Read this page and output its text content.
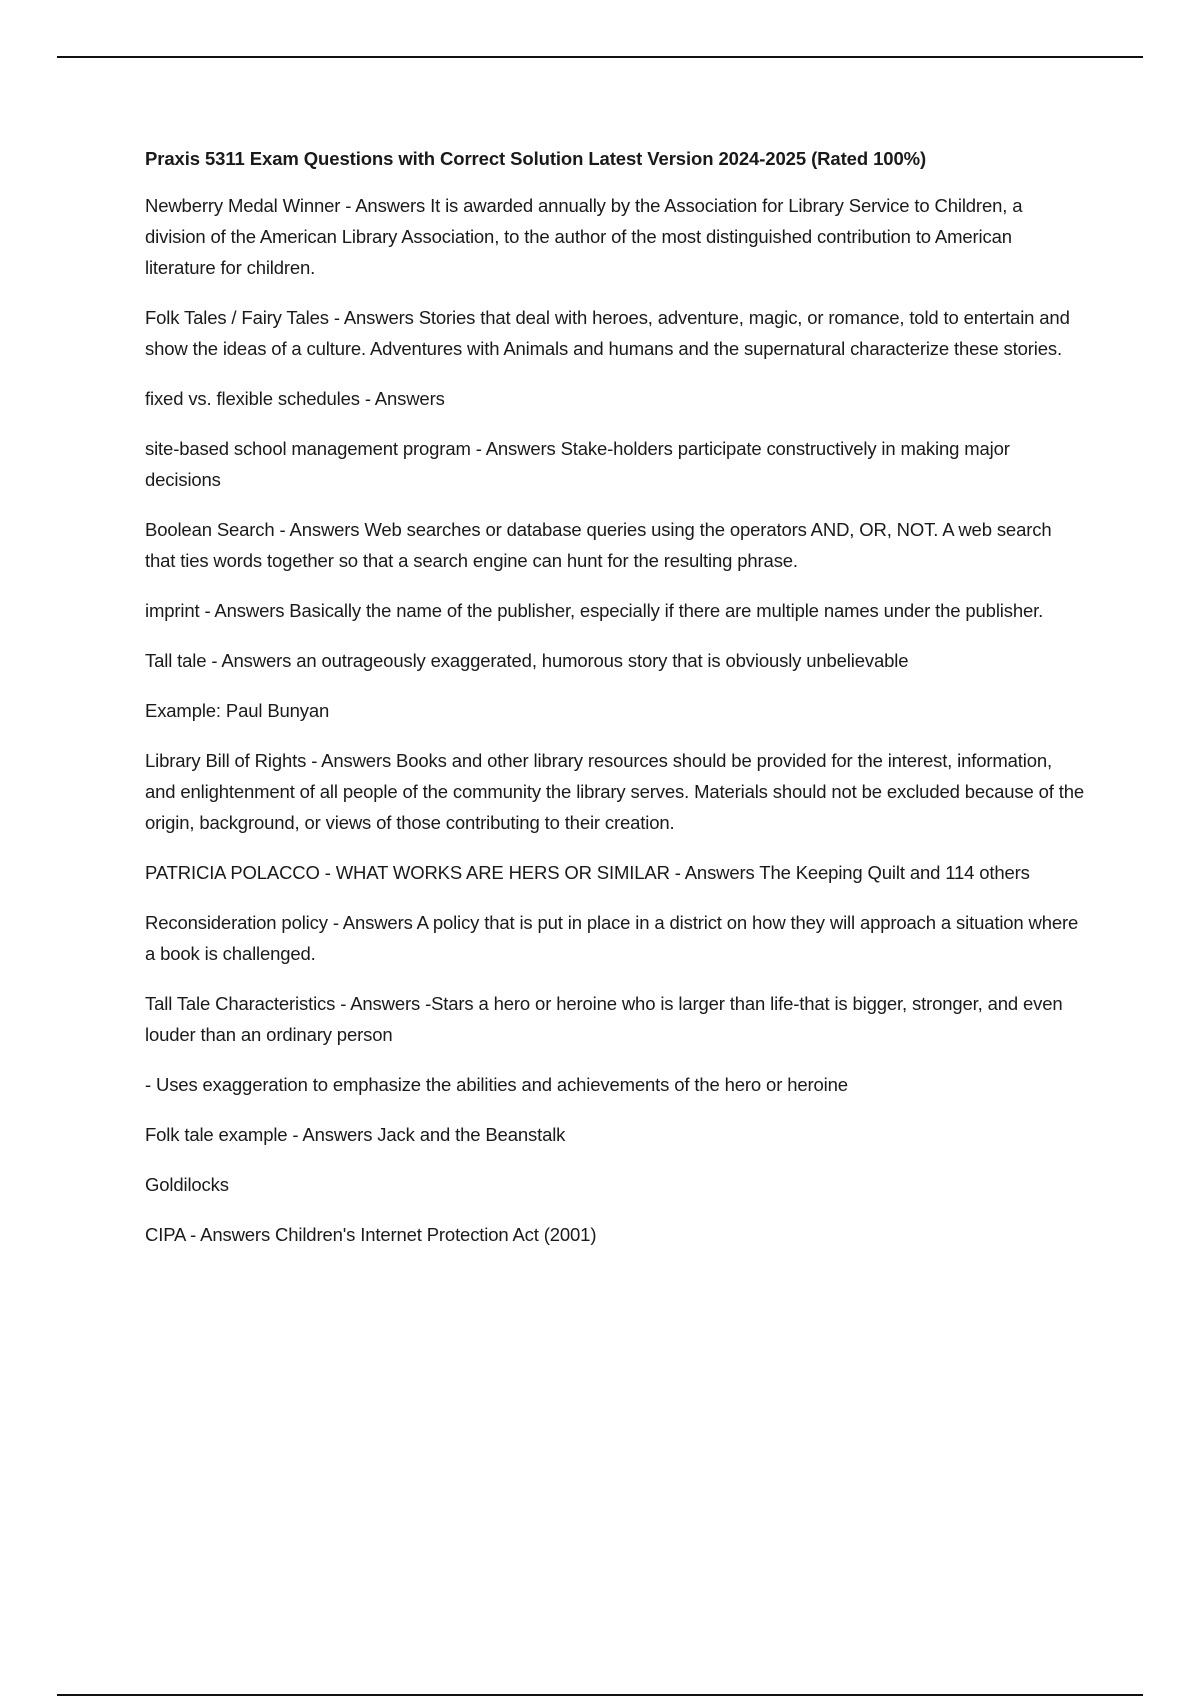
Praxis 5311 Exam Questions with Correct Solution Latest Version 2024-2025 (Rated 100%)

Newberry Medal Winner - Answers It is awarded annually by the Association for Library Service to Children, a division of the American Library Association, to the author of the most distinguished contribution to American literature for children.

Folk Tales / Fairy Tales - Answers Stories that deal with heroes, adventure, magic, or romance, told to entertain and show the ideas of a culture. Adventures with Animals and humans and the supernatural characterize these stories.

fixed vs. flexible schedules - Answers

site-based school management program - Answers Stake-holders participate constructively in making major decisions

Boolean Search - Answers Web searches or database queries using the operators AND, OR, NOT. A web search that ties words together so that a search engine can hunt for the resulting phrase.

imprint - Answers Basically the name of the publisher, especially if there are multiple names under the publisher.

Tall tale - Answers an outrageously exaggerated, humorous story that is obviously unbelievable

Example: Paul Bunyan

Library Bill of Rights - Answers Books and other library resources should be provided for the interest, information, and enlightenment of all people of the community the library serves. Materials should not be excluded because of the origin, background, or views of those contributing to their creation.

PATRICIA POLACCO - WHAT WORKS ARE HERS OR SIMILAR - Answers The Keeping Quilt and 114 others

Reconsideration policy - Answers A policy that is put in place in a district on how they will approach a situation where a book is challenged.

Tall Tale Characteristics - Answers -Stars a hero or heroine who is larger than life-that is bigger, stronger, and even louder than an ordinary person

- Uses exaggeration to emphasize the abilities and achievements of the hero or heroine

Folk tale example - Answers Jack and the Beanstalk

Goldilocks

CIPA - Answers Children's Internet Protection Act (2001)
